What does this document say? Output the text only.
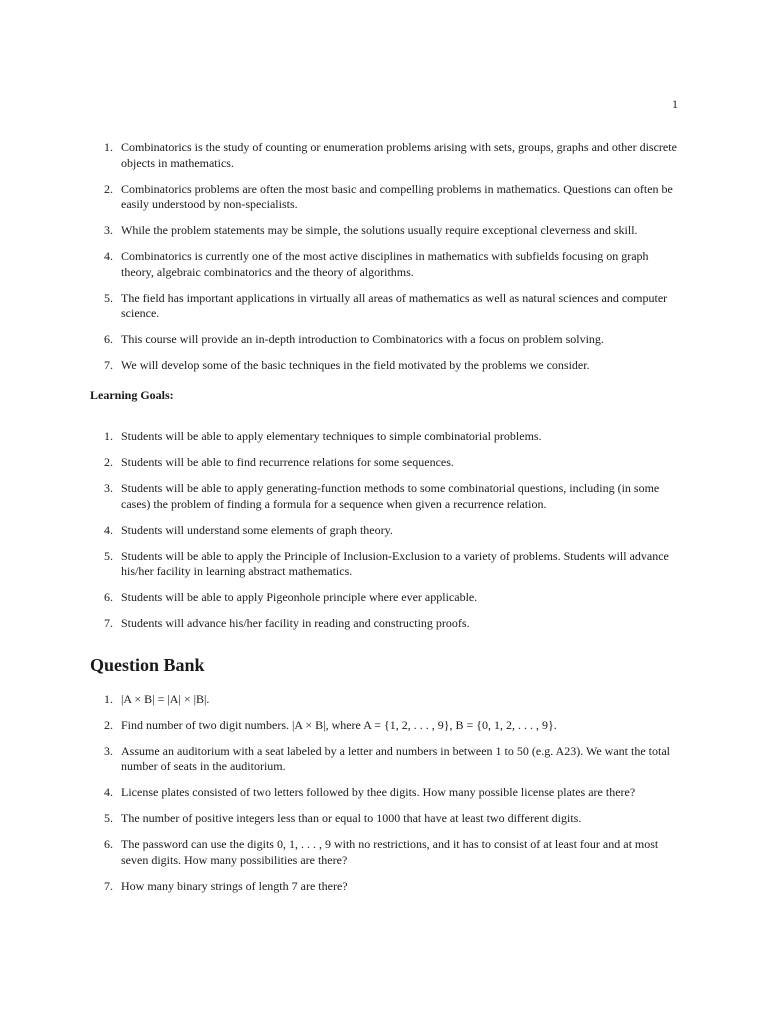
1
1. Combinatorics is the study of counting or enumeration problems arising with sets, groups, graphs and other discrete objects in mathematics.
2. Combinatorics problems are often the most basic and compelling problems in mathematics. Questions can often be easily understood by non-specialists.
3. While the problem statements may be simple, the solutions usually require exceptional cleverness and skill.
4. Combinatorics is currently one of the most active disciplines in mathematics with subfields focusing on graph theory, algebraic combinatorics and the theory of algorithms.
5. The field has important applications in virtually all areas of mathematics as well as natural sciences and computer science.
6. This course will provide an in-depth introduction to Combinatorics with a focus on problem solving.
7. We will develop some of the basic techniques in the field motivated by the problems we consider.
Learning Goals:
1. Students will be able to apply elementary techniques to simple combinatorial problems.
2. Students will be able to find recurrence relations for some sequences.
3. Students will be able to apply generating-function methods to some combinatorial questions, including (in some cases) the problem of finding a formula for a sequence when given a recurrence relation.
4. Students will understand some elements of graph theory.
5. Students will be able to apply the Principle of Inclusion-Exclusion to a variety of problems. Students will advance his/her facility in learning abstract mathematics.
6. Students will be able to apply Pigeonhole principle where ever applicable.
7. Students will advance his/her facility in reading and constructing proofs.
Question Bank
1. |A × B| = |A| × |B|.
2. Find number of two digit numbers. |A × B|, where A = {1, 2, . . . , 9}, B = {0, 1, 2, . . . , 9}.
3. Assume an auditorium with a seat labeled by a letter and numbers in between 1 to 50 (e.g. A23). We want the total number of seats in the auditorium.
4. License plates consisted of two letters followed by thee digits. How many possible license plates are there?
5. The number of positive integers less than or equal to 1000 that have at least two different digits.
6. The password can use the digits 0, 1, . . . , 9 with no restrictions, and it has to consist of at least four and at most seven digits. How many possibilities are there?
7. How many binary strings of length 7 are there?
